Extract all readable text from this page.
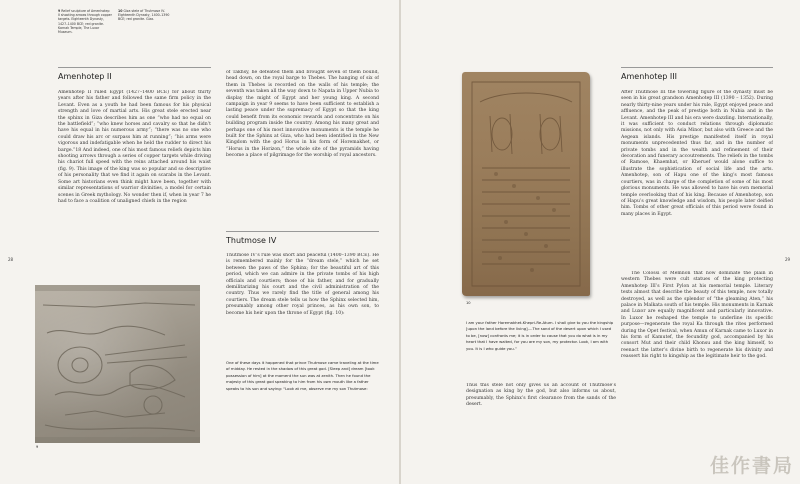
9 Relief sculpture of Amenhotep II shooting arrows through copper targets. Eighteenth Dynasty, 1427–1400 BCE; red granite. Karnak Temple, The Luxor Museum.
10 Giza stele of Thutmose IV. Eighteenth Dynasty, 1400–1390 BCE; red granite. Giza.
Amenhotep II

Amenhotep II ruled Egypt (1427–1400 BCE) for about thirty years after his father and followed the same firm policy in the Levant. Even as a youth he had been famous for his physical strength and love of martial arts. His great stele erected near the sphinx in Giza describes him as one “who had no equal on the battlefield”; “who knew horses and cavalry so that he didn’t have his equal in his numerous army”; “there was no one who could draw his arc or surpass him at running”; “his arms were vigorous and indefatigable when he held the rudder to direct his barge.”18 And indeed, one of his most famous reliefs depicts him shooting arrows through a series of copper targets while driving his chariot full speed with the reins attached around his waist (fig. 9). This image of the king was so popular and so descriptive of his personality that we find it again on scarabs in the Levant. Some art historians even think might have been, together with similar representations of warrior divinities, a model for certain scenes in Greek mythology. No wonder then if, when in year 7 he had to face a coalition of unaligned chiefs in the region

of Takhsy, he defeated them and brought seven of them bound, head down, on the royal barge to Thebes. The hanging of six of them in Thebes is recorded on the walls of his temple; the seventh was taken all the way down to Napata in Upper Nubia to display the might of Egypt and her young king. A second campaign in year 9 seems to have been sufficient to establish a lasting peace under the supremacy of Egypt so that the king could benefit from its economic rewards and concentrate on his building program inside the country. Among his many great and perhaps one of his most innovative monuments is the temple he built for the Sphinx at Giza, who had been identified in the New Kingdom with the god Horus in his form of Horemakhet, or “Horus in the Horizon,” the whole site of the pyramids having become a place of pilgrimage for the worship of royal ancestors.

Thutmose IV

Thutmose IV’s rule was short and peaceful (1400–1390 BCE). He is remembered mainly for the “dream stele,” which he set between the paws of the Sphinx; for the beautiful art of this period, which we can admire in the private tombs of his high officials and courtiers; those of his father, and for gradually demilitarizing his court and the civil administration of the country. Thus we rarely find the title of general among his courtiers. The dream stele tells us how the Sphinx selected him, presumably among other royal princes, as his own son, to become his heir upon the throne of Egypt (fig. 10):

One of these days it happened that prince Thutmose came traveling at the time of midday. He rested in the shadow of this great god. [Sleep and] dream [took possession of him] at the moment the sun was at zenith. Then he found the majesty of this great god speaking to him from his own mouth like a father speaks to his son and saying: “Look at me, observe me my son Thutmose:
9
28
10
I am your father Horemakhet-Khepri-Re-Atum. I shall give to you the kingship [upon the land before the living]....The sand of the desert upon which I used to be, [now] confronts me; it is in order to cause that you do what is in my heart that I have waited, for you are my son, my protector. Look, I am with you. It is I who guide you.”

Thus this stele not only gives us an account of Thutmose’s designation as king by the god, but also informs us about, presumably, the Sphinx’s first clearance from the sands of the desert.

Amenhotep III

After Thutmose III the towering figure of the dynasty must be seen in his great grandson Amenhotep III (1390 – 1352). During nearly thirty-nine years under his rule, Egypt enjoyed peace and affluence, and the peak of prestige both in Nubia and in the Levant. Amenhotep III and his era were dazzling. Internationally, it was sufficient to conduct relations through diplomatic missions, not only with Asia Minor, but also with Greece and the Aegean islands. His prestige manifested itself in royal monuments unprecedented thus far, and in the number of private tombs and in the wealth and refinement of their decoration and funerary accoutrements. The reliefs in the tombs of Ramose, Khaemhat, or Kheruef would alone suffice to illustrate the sophistication of social life and the arts. Amenhotep, son of Hapu one of the king’s most famous courtiers, was in charge of the completion of some of his most glorious monuments. He was allowed to have his own memorial temple overlooking that of his king. Because of Amenhotep, son of Hapu’s great knowledge and wisdom, his people later deified him. Tombs of other great officials of this period were found in many places in Egypt.

The Colossi of Memnon that now dominate the plain in western Thebes were cult statues of the king protecting Amenhotep III’s First Pylon at his memorial temple. Literary texts almost that describe the beauty of this temple, now totally destroyed, as well as the splendor of “the gleaming Aten,” his palace in Malkata south of his temple. His monuments in Karnak and Luxor are equally magnificent and particularly innovative. In Luxor he reshaped the temple to underline its specific purpose—regenerate the royal Ka through the rites performed during the Opet festival, when Amun of Karnak came to Luxor in his form of Kamutef, the fecundity god, accompanied by his consort Mut and their child Khonsu and the king himself, to reenact the latter’s divine birth to regenerate his divinity and reassert his right to kingship as the legitimate heir to the god.

29
佳作書局
